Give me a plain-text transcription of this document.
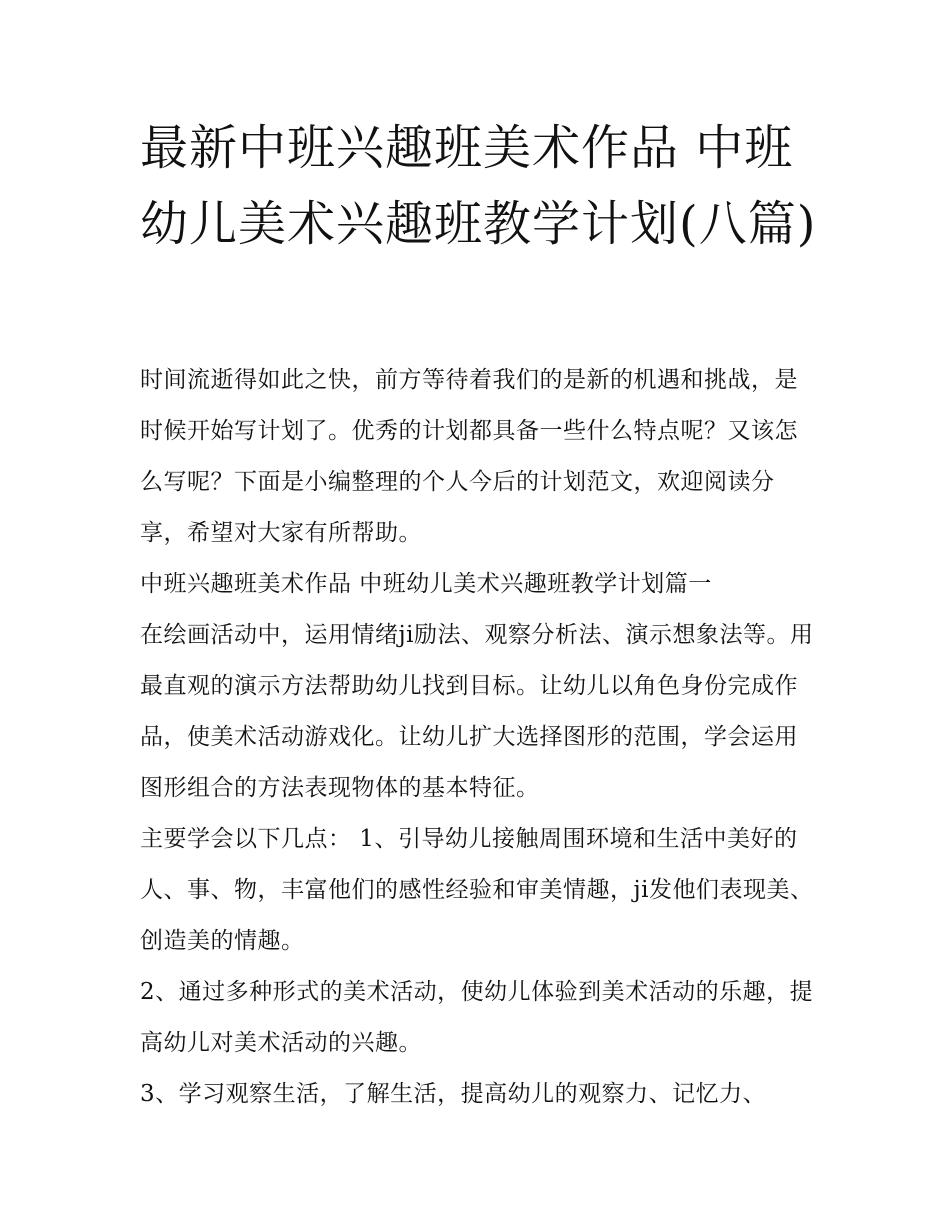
最新中班兴趣班美术作品 中班幼儿美术兴趣班教学计划(八篇)

时间流逝得如此之快，前方等待着我们的是新的机遇和挑战，是时候开始写计划了。优秀的计划都具备一些什么特点呢？又该怎么写呢？下面是小编整理的个人今后的计划范文，欢迎阅读分享，希望对大家有所帮助。

中班兴趣班美术作品 中班幼儿美术兴趣班教学计划篇一

在绘画活动中，运用情绪ji励法、观察分析法、演示想象法等。用最直观的演示方法帮助幼儿找到目标。让幼儿以角色身份完成作品，使美术活动游戏化。让幼儿扩大选择图形的范围，学会运用图形组合的方法表现物体的基本特征。

主要学会以下几点： 1、引导幼儿接触周围环境和生活中美好的人、事、物，丰富他们的感性经验和审美情趣，ji发他们表现美、创造美的情趣。

2、通过多种形式的美术活动，使幼儿体验到美术活动的乐趣，提高幼儿对美术活动的兴趣。

3、学习观察生活，了解生活，提高幼儿的观察力、记忆力、
